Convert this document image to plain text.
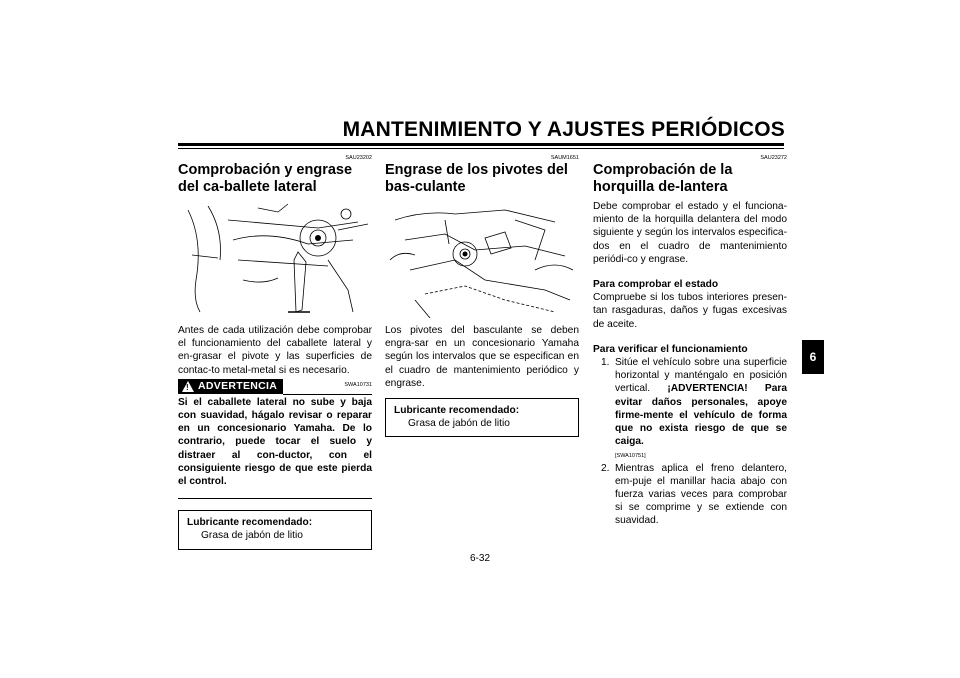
MANTENIMIENTO Y AJUSTES PERIÓDICOS
SAU23202
Comprobación y engrase del ca-ballete lateral

Antes de cada utilización debe comprobar el funcionamiento del caballete lateral y en-grasar el pivote y las superficies de contac-to metal-metal si es necesario.

SWA10731
! ADVERTENCIA

Si el caballete lateral no sube y baja con suavidad, hágalo revisar o reparar en un concesionario Yamaha. De lo contrario, puede tocar el suelo y distraer al con-ductor, con el consiguiente riesgo de que este pierda el control.

Lubricante recomendado:
Grasa de jabón de litio
SAUM1651
Engrase de los pivotes del bas-culante

Los pivotes del basculante se deben engra-sar en un concesionario Yamaha según los intervalos que se especifican en el cuadro de mantenimiento periódico y engrase.

Lubricante recomendado:
Grasa de jabón de litio
SAU23272
Comprobación de la horquilla de-lantera

Debe comprobar el estado y el funciona-miento de la horquilla delantera del modo siguiente y según los intervalos especifica-dos en el cuadro de mantenimiento periódi-co y engrase.

Para comprobar el estado

Compruebe si los tubos interiores presen-tan rasgaduras, daños y fugas excesivas de aceite.

Para verificar el funcionamiento
1. Sitúe el vehículo sobre una superficie horizontal y manténgalo en posición vertical. ¡ADVERTENCIA! Para evitar daños personales, apoye firme-mente el vehículo de forma que no exista riesgo de que se caiga.
[SWA10751]
2. Mientras aplica el freno delantero, em-puje el manillar hacia abajo con fuerza varias veces para comprobar si se comprime y se extiende con suavidad.
6-32
6
